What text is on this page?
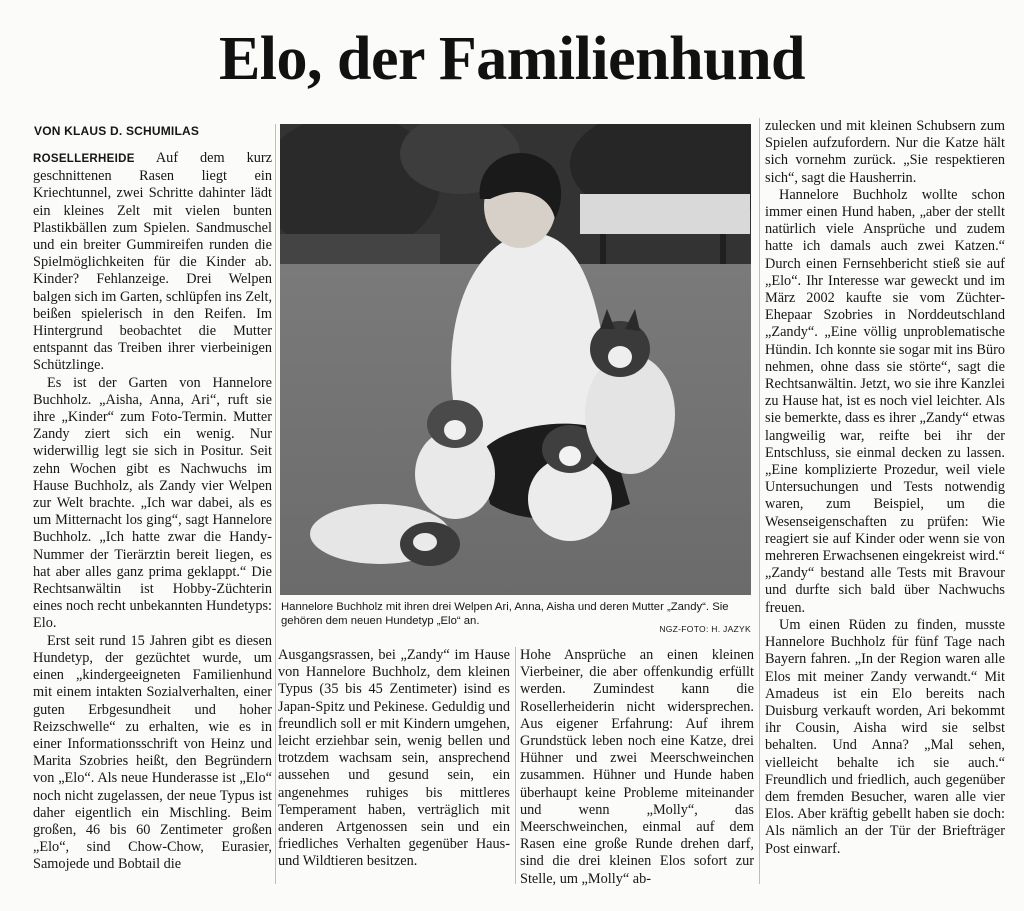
Elo, der Familienhund
VON KLAUS D. SCHUMILAS

ROSELLERHEIDE Auf dem kurz geschnittenen Rasen liegt ein Kriechtunnel, zwei Schritte dahinter lädt ein kleines Zelt mit vielen bunten Plastikbällen zum Spielen. Sandmuschel und ein breiter Gummireifen runden die Spielmöglichkeiten für die Kinder ab. Kinder? Fehlanzeige. Drei Welpen balgen sich im Garten, schlüpfen ins Zelt, beißen spielerisch in den Reifen. Im Hintergrund beobachtet die Mutter entspannt das Treiben ihrer vierbeinigen Schützlinge.

Es ist der Garten von Hannelore Buchholz. „Aisha, Anna, Ari“, ruft sie ihre „Kinder“ zum Foto-Termin. Mutter Zandy ziert sich ein wenig. Nur widerwillig legt sie sich in Positur. Seit zehn Wochen gibt es Nachwuchs im Hause Buchholz, als Zandy vier Welpen zur Welt brachte. „Ich war dabei, als es um Mitternacht los ging“, sagt Hannelore Buchholz. „Ich hatte zwar die Handy-Nummer der Tierärztin bereit liegen, es hat aber alles ganz prima geklappt.“ Die Rechtsanwältin ist Hobby-Züchterin eines noch recht unbekannten Hundetyps: Elo.

Erst seit rund 15 Jahren gibt es diesen Hundetyp, der gezüchtet wurde, um einen „kindergeeigneten Familienhund mit einem intakten Sozialverhalten, einer guten Erbgesundheit und hoher Reizschwelle“ zu erhalten, wie es in einer Informationsschrift von Heinz und Marita Szobries heißt, den Begründern von „Elo“. Als neue Hunderasse ist „Elo“ noch nicht zugelassen, der neue Typus ist daher eigentlich ein Mischling. Beim großen, 46 bis 60 Zentimeter großen „Elo“, sind Chow-Chow, Eurasier, Samojede und Bobtail die

Hannelore Buchholz mit ihren drei Welpen Ari, Anna, Aisha und deren Mutter „Zandy“. Sie gehören dem neuen Hundetyp „Elo“ an.
NGZ-FOTO: H. JAZYK

Ausgangsrassen, bei „Zandy“ im Hause von Hannelore Buchholz, dem kleinen Typus (35 bis 45 Zentimeter) isind es Japan-Spitz und Pekinese. Geduldig und freundlich soll er mit Kindern umgehen, leicht erziehbar sein, wenig bellen und trotzdem wachsam sein, ansprechend aussehen und gesund sein, ein angenehmes ruhiges bis mittleres Temperament haben, verträglich mit anderen Artgenossen sein und ein friedliches Verhalten gegenüber Haus- und Wildtieren besitzen.

Hohe Ansprüche an einen kleinen Vierbeiner, die aber offenkundig erfüllt werden. Zumindest kann die Rosellerheiderin nicht widersprechen. Aus eigener Erfahrung: Auf ihrem Grundstück leben noch eine Katze, drei Hühner und zwei Meerschweinchen zusammen. Hühner und Hunde haben überhaupt keine Probleme miteinander und wenn „Molly“, das Meerschweinchen, einmal auf dem Rasen eine große Runde drehen darf, sind die drei kleinen Elos sofort zur Stelle, um „Molly“ ab-

zulecken und mit kleinen Schubsern zum Spielen aufzufordern. Nur die Katze hält sich vornehm zurück. „Sie respektieren sich“, sagt die Hausherrin.

Hannelore Buchholz wollte schon immer einen Hund haben, „aber der stellt natürlich viele Ansprüche und zudem hatte ich damals auch zwei Katzen.“ Durch einen Fernsehbericht stieß sie auf „Elo“. Ihr Interesse war geweckt und im März 2002 kaufte sie vom Züchter-Ehepaar Szobries in Norddeutschland „Zandy“. „Eine völlig unproblematische Hündin. Ich konnte sie sogar mit ins Büro nehmen, ohne dass sie störte“, sagt die Rechtsanwältin. Jetzt, wo sie ihre Kanzlei zu Hause hat, ist es noch viel leichter. Als sie bemerkte, dass es ihrer „Zandy“ etwas langweilig war, reifte bei ihr der Entschluss, sie einmal decken zu lassen. „Eine komplizierte Prozedur, weil viele Untersuchungen und Tests notwendig waren, zum Beispiel, um die Wesenseigenschaften zu prüfen: Wie reagiert sie auf Kinder oder wenn sie von mehreren Erwachsenen eingekreist wird.“ „Zandy“ bestand alle Tests mit Bravour und durfte sich bald über Nachwuchs freuen.

Um einen Rüden zu finden, musste Hannelore Buchholz für fünf Tage nach Bayern fahren. „In der Region waren alle Elos mit meiner Zandy verwandt.“ Mit Amadeus ist ein Elo bereits nach Duisburg verkauft worden, Ari bekommt ihr Cousin, Aisha wird sie selbst behalten. Und Anna? „Mal sehen, vielleicht behalte ich sie auch.“ Freundlich und friedlich, auch gegenüber dem fremden Besucher, waren alle vier Elos. Aber kräftig gebellt haben sie doch: Als nämlich an der Tür der Briefträger Post einwarf.
